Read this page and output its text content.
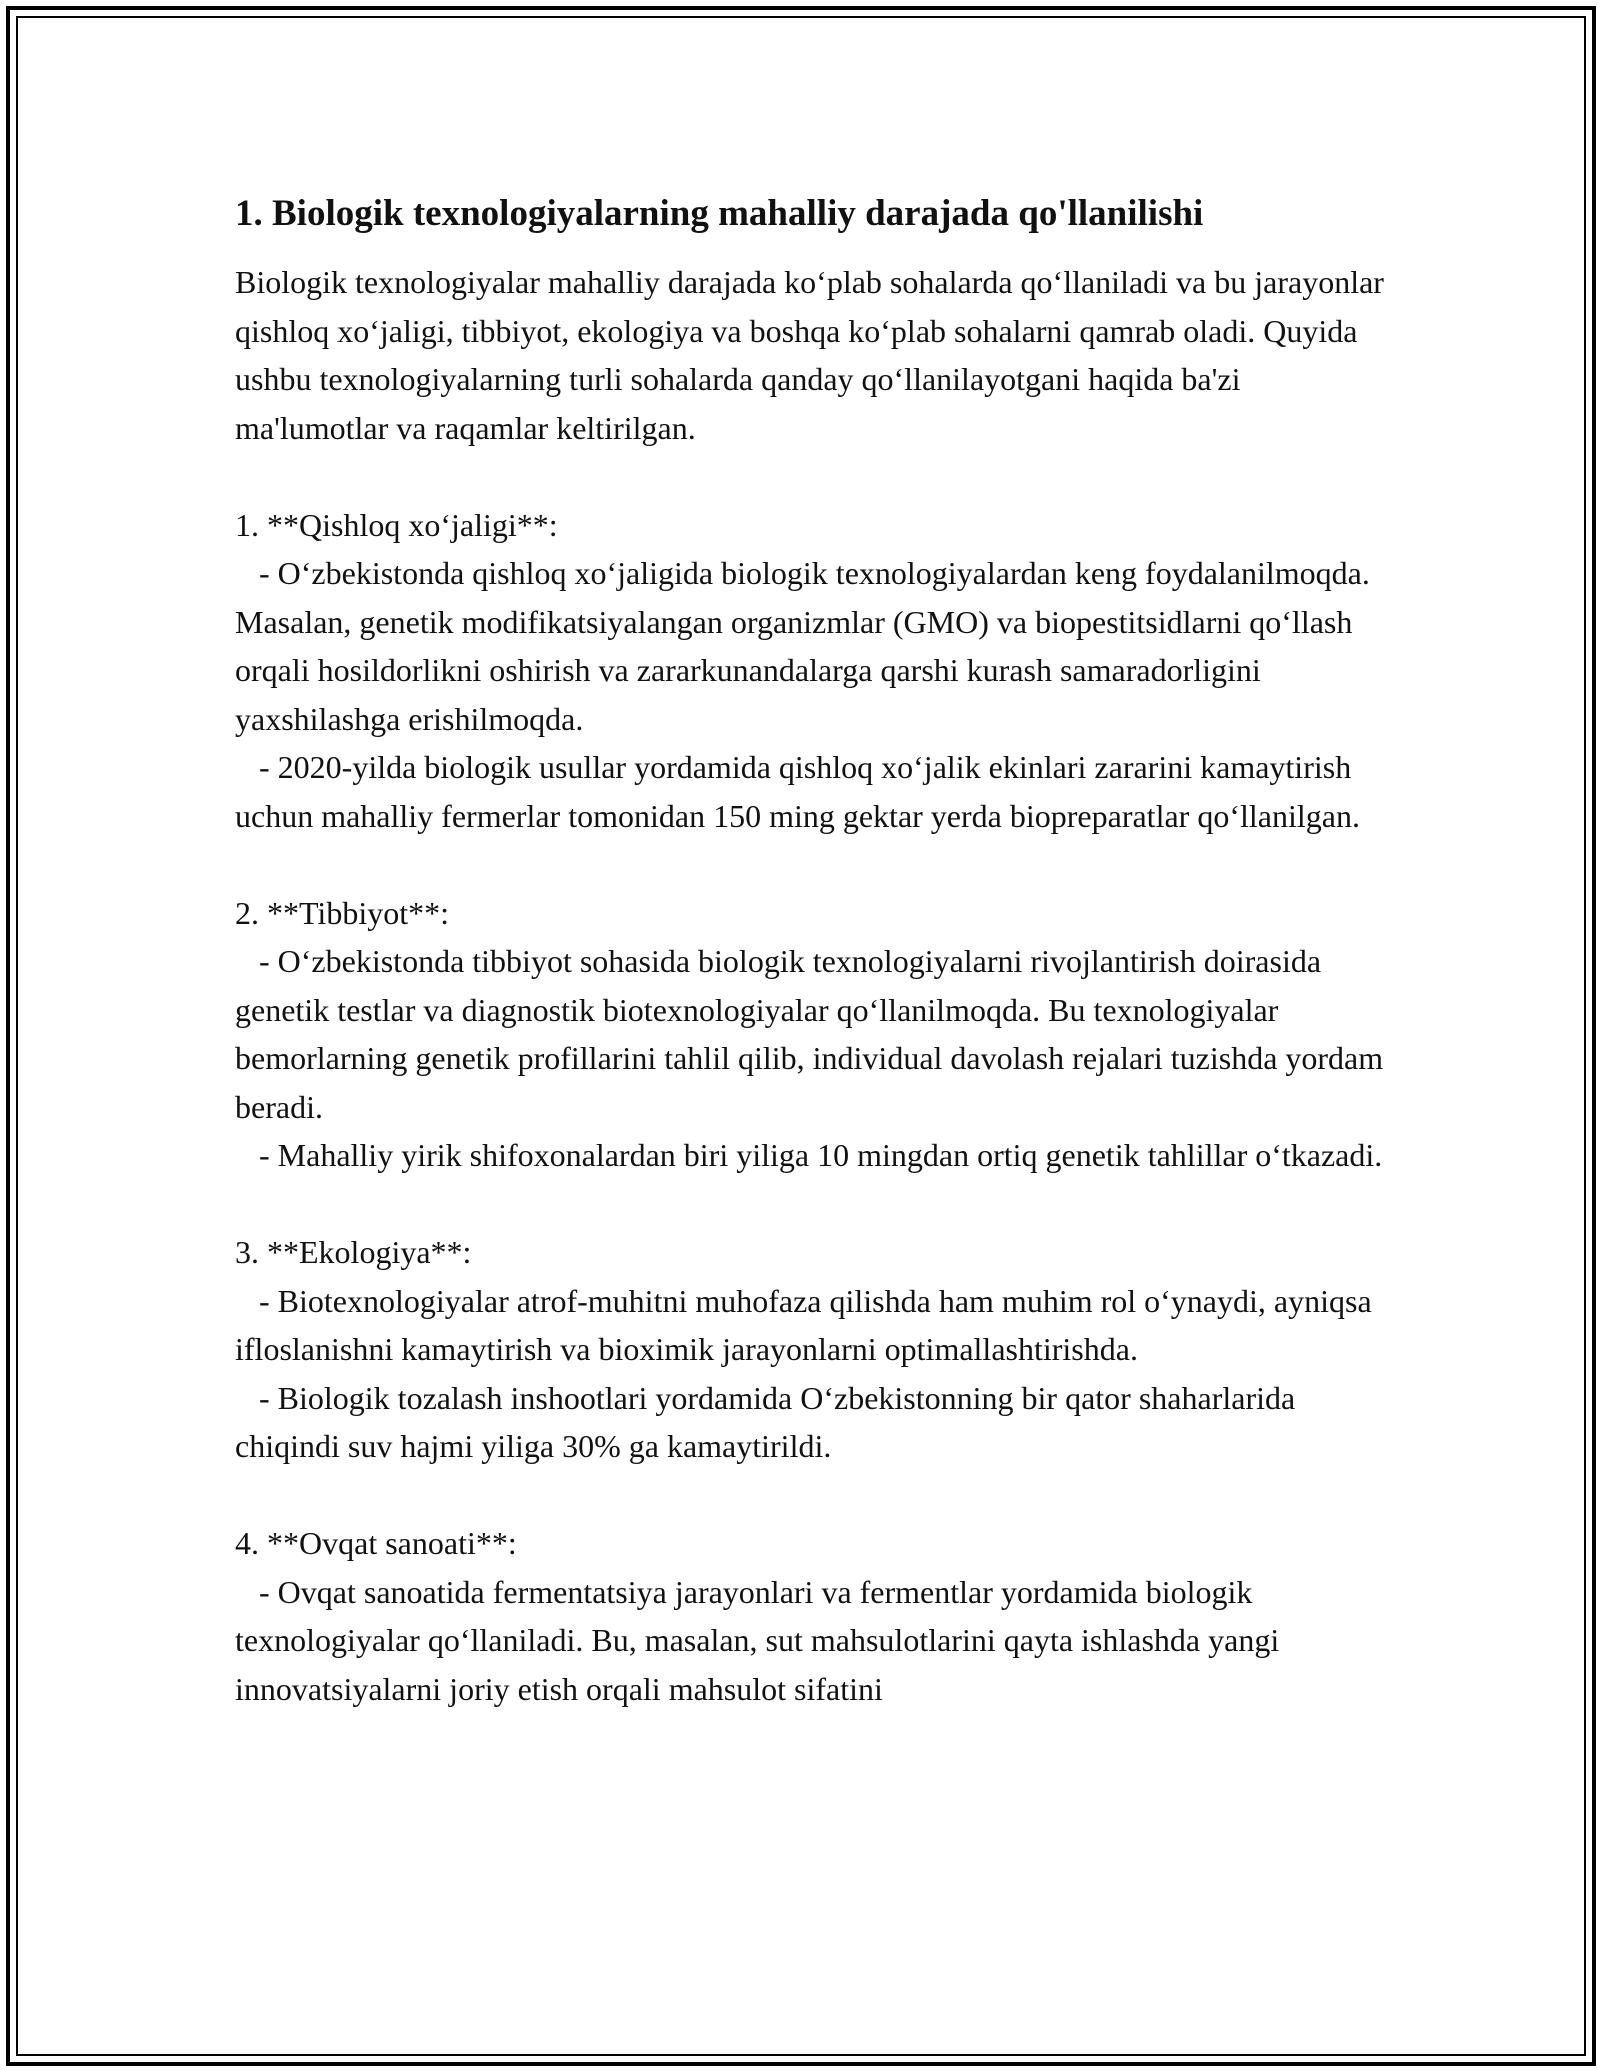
1. Biologik texnologiyalarning mahalliy darajada qo'llanilishi

Biologik texnologiyalar mahalliy darajada ko‘plab sohalarda qo‘llaniladi va bu jarayonlar qishloq xo‘jaligi, tibbiyot, ekologiya va boshqa ko‘plab sohalarni qamrab oladi. Quyida ushbu texnologiyalarning turli sohalarda qanday qo‘llanilayotgani haqida ba'zi ma'lumotlar va raqamlar keltirilgan.

1. **Qishloq xo‘jaligi**:

- O‘zbekistonda qishloq xo‘jaligida biologik texnologiyalardan keng foydalanilmoqda. Masalan, genetik modifikatsiyalangan organizmlar (GMO) va biopestitsidlarni qo‘llash orqali hosildorlikni oshirish va zararkunandalarga qarshi kurash samaradorligini yaxshilashga erishilmoqda.

- 2020-yilda biologik usullar yordamida qishloq xo‘jalik ekinlari zararini kamaytirish uchun mahalliy fermerlar tomonidan 150 ming gektar yerda biopreparatlar qo‘llanilgan.

2. **Tibbiyot**:

- O‘zbekistonda tibbiyot sohasida biologik texnologiyalarni rivojlantirish doirasida genetik testlar va diagnostik biotexnologiyalar qo‘llanilmoqda. Bu texnologiyalar bemorlarning genetik profillarini tahlil qilib, individual davolash rejalari tuzishda yordam beradi.

- Mahalliy yirik shifoxonalardan biri yiliga 10 mingdan ortiq genetik tahlillar o‘tkazadi.

3. **Ekologiya**:

- Biotexnologiyalar atrof-muhitni muhofaza qilishda ham muhim rol o‘ynaydi, ayniqsa ifloslanishni kamaytirish va bioximik jarayonlarni optimallashtirishda.

- Biologik tozalash inshootlari yordamida O‘zbekistonning bir qator shaharlarida chiqindi suv hajmi yiliga 30% ga kamaytirildi.

4. **Ovqat sanoati**:

- Ovqat sanoatida fermentatsiya jarayonlari va fermentlar yordamida biologik texnologiyalar qo‘llaniladi. Bu, masalan, sut mahsulotlarini qayta ishlashda yangi innovatsiyalarni joriy etish orqali mahsulot sifatini
